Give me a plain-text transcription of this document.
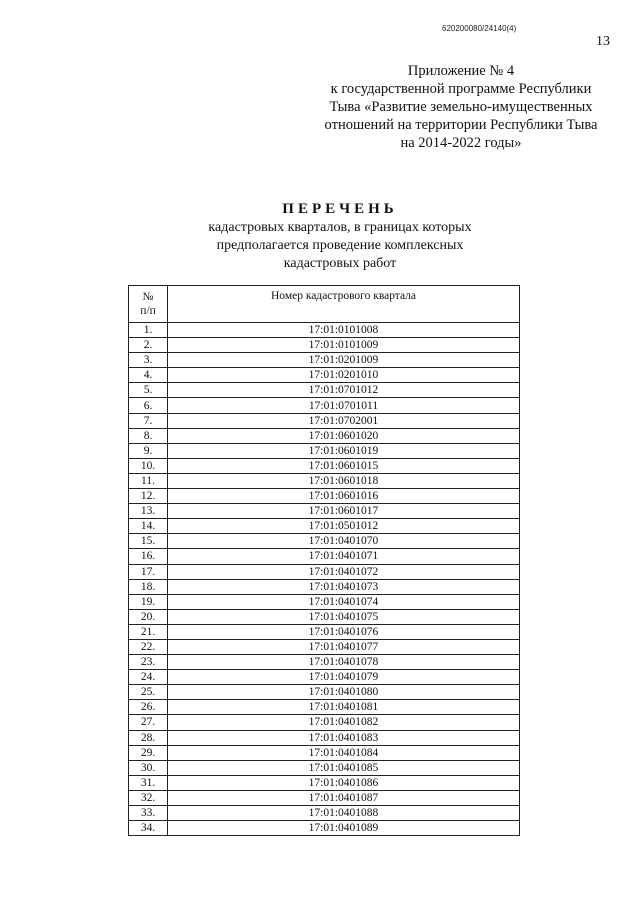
620200080/24140(4)
13
Приложение № 4
к государственной программе Республики
Тыва «Развитие земельно-имущественных
отношений на территории Республики Тыва
на 2014-2022 годы»
ПЕРЕЧЕНЬ
кадастровых кварталов, в границах которых
предполагается проведение комплексных
кадастровых работ
№
п/п	Номер кадастрового квартала
1.	17:01:0101008
2.	17:01:0101009
3.	17:01:0201009
4.	17:01:0201010
5.	17:01:0701012
6.	17:01:0701011
7.	17:01:0702001
8.	17:01:0601020
9.	17:01:0601019
10.	17:01:0601015
11.	17:01:0601018
12.	17:01:0601016
13.	17:01:0601017
14.	17:01:0501012
15.	17:01:0401070
16.	17:01:0401071
17.	17:01:0401072
18.	17:01:0401073
19.	17:01:0401074
20.	17:01:0401075
21.	17:01:0401076
22.	17:01:0401077
23.	17:01:0401078
24.	17:01:0401079
25.	17:01:0401080
26.	17:01:0401081
27.	17:01:0401082
28.	17:01:0401083
29.	17:01:0401084
30.	17:01:0401085
31.	17:01:0401086
32.	17:01:0401087
33.	17:01:0401088
34.	17:01:0401089
